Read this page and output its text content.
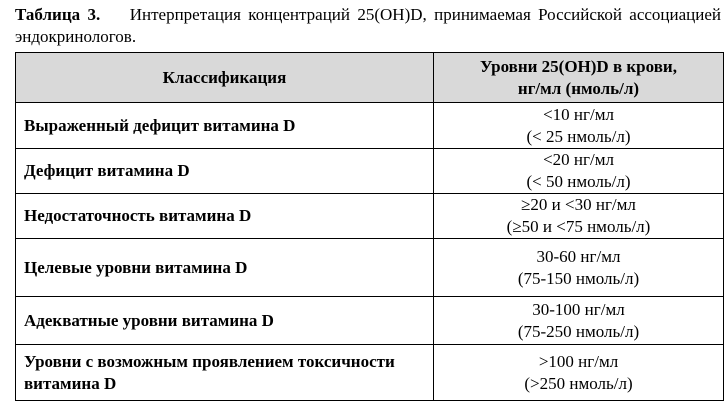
Таблица 3. Интерпретация концентраций 25(OH)D, принимаемая Российской ассоциацией эндокринологов.
Классификация	Уровни 25(OH)D в крови,
нг/мл (нмоль/л)

Выраженный дефицит витамина D	<10 нг/мл
(< 25 нмоль/л)

Дефицит витамина D	<20 нг/мл
(< 50 нмоль/л)

Недостаточность витамина D	≥20 и <30 нг/мл
(≥50 и <75 нмоль/л)

Целевые уровни витамина D	30-60 нг/мл
(75-150 нмоль/л)

Адекватные уровни витамина D	30-100 нг/мл
(75-250 нмоль/л)

Уровни с возможным проявлением токсичности витамина D	>100 нг/мл
(>250 нмоль/л)
